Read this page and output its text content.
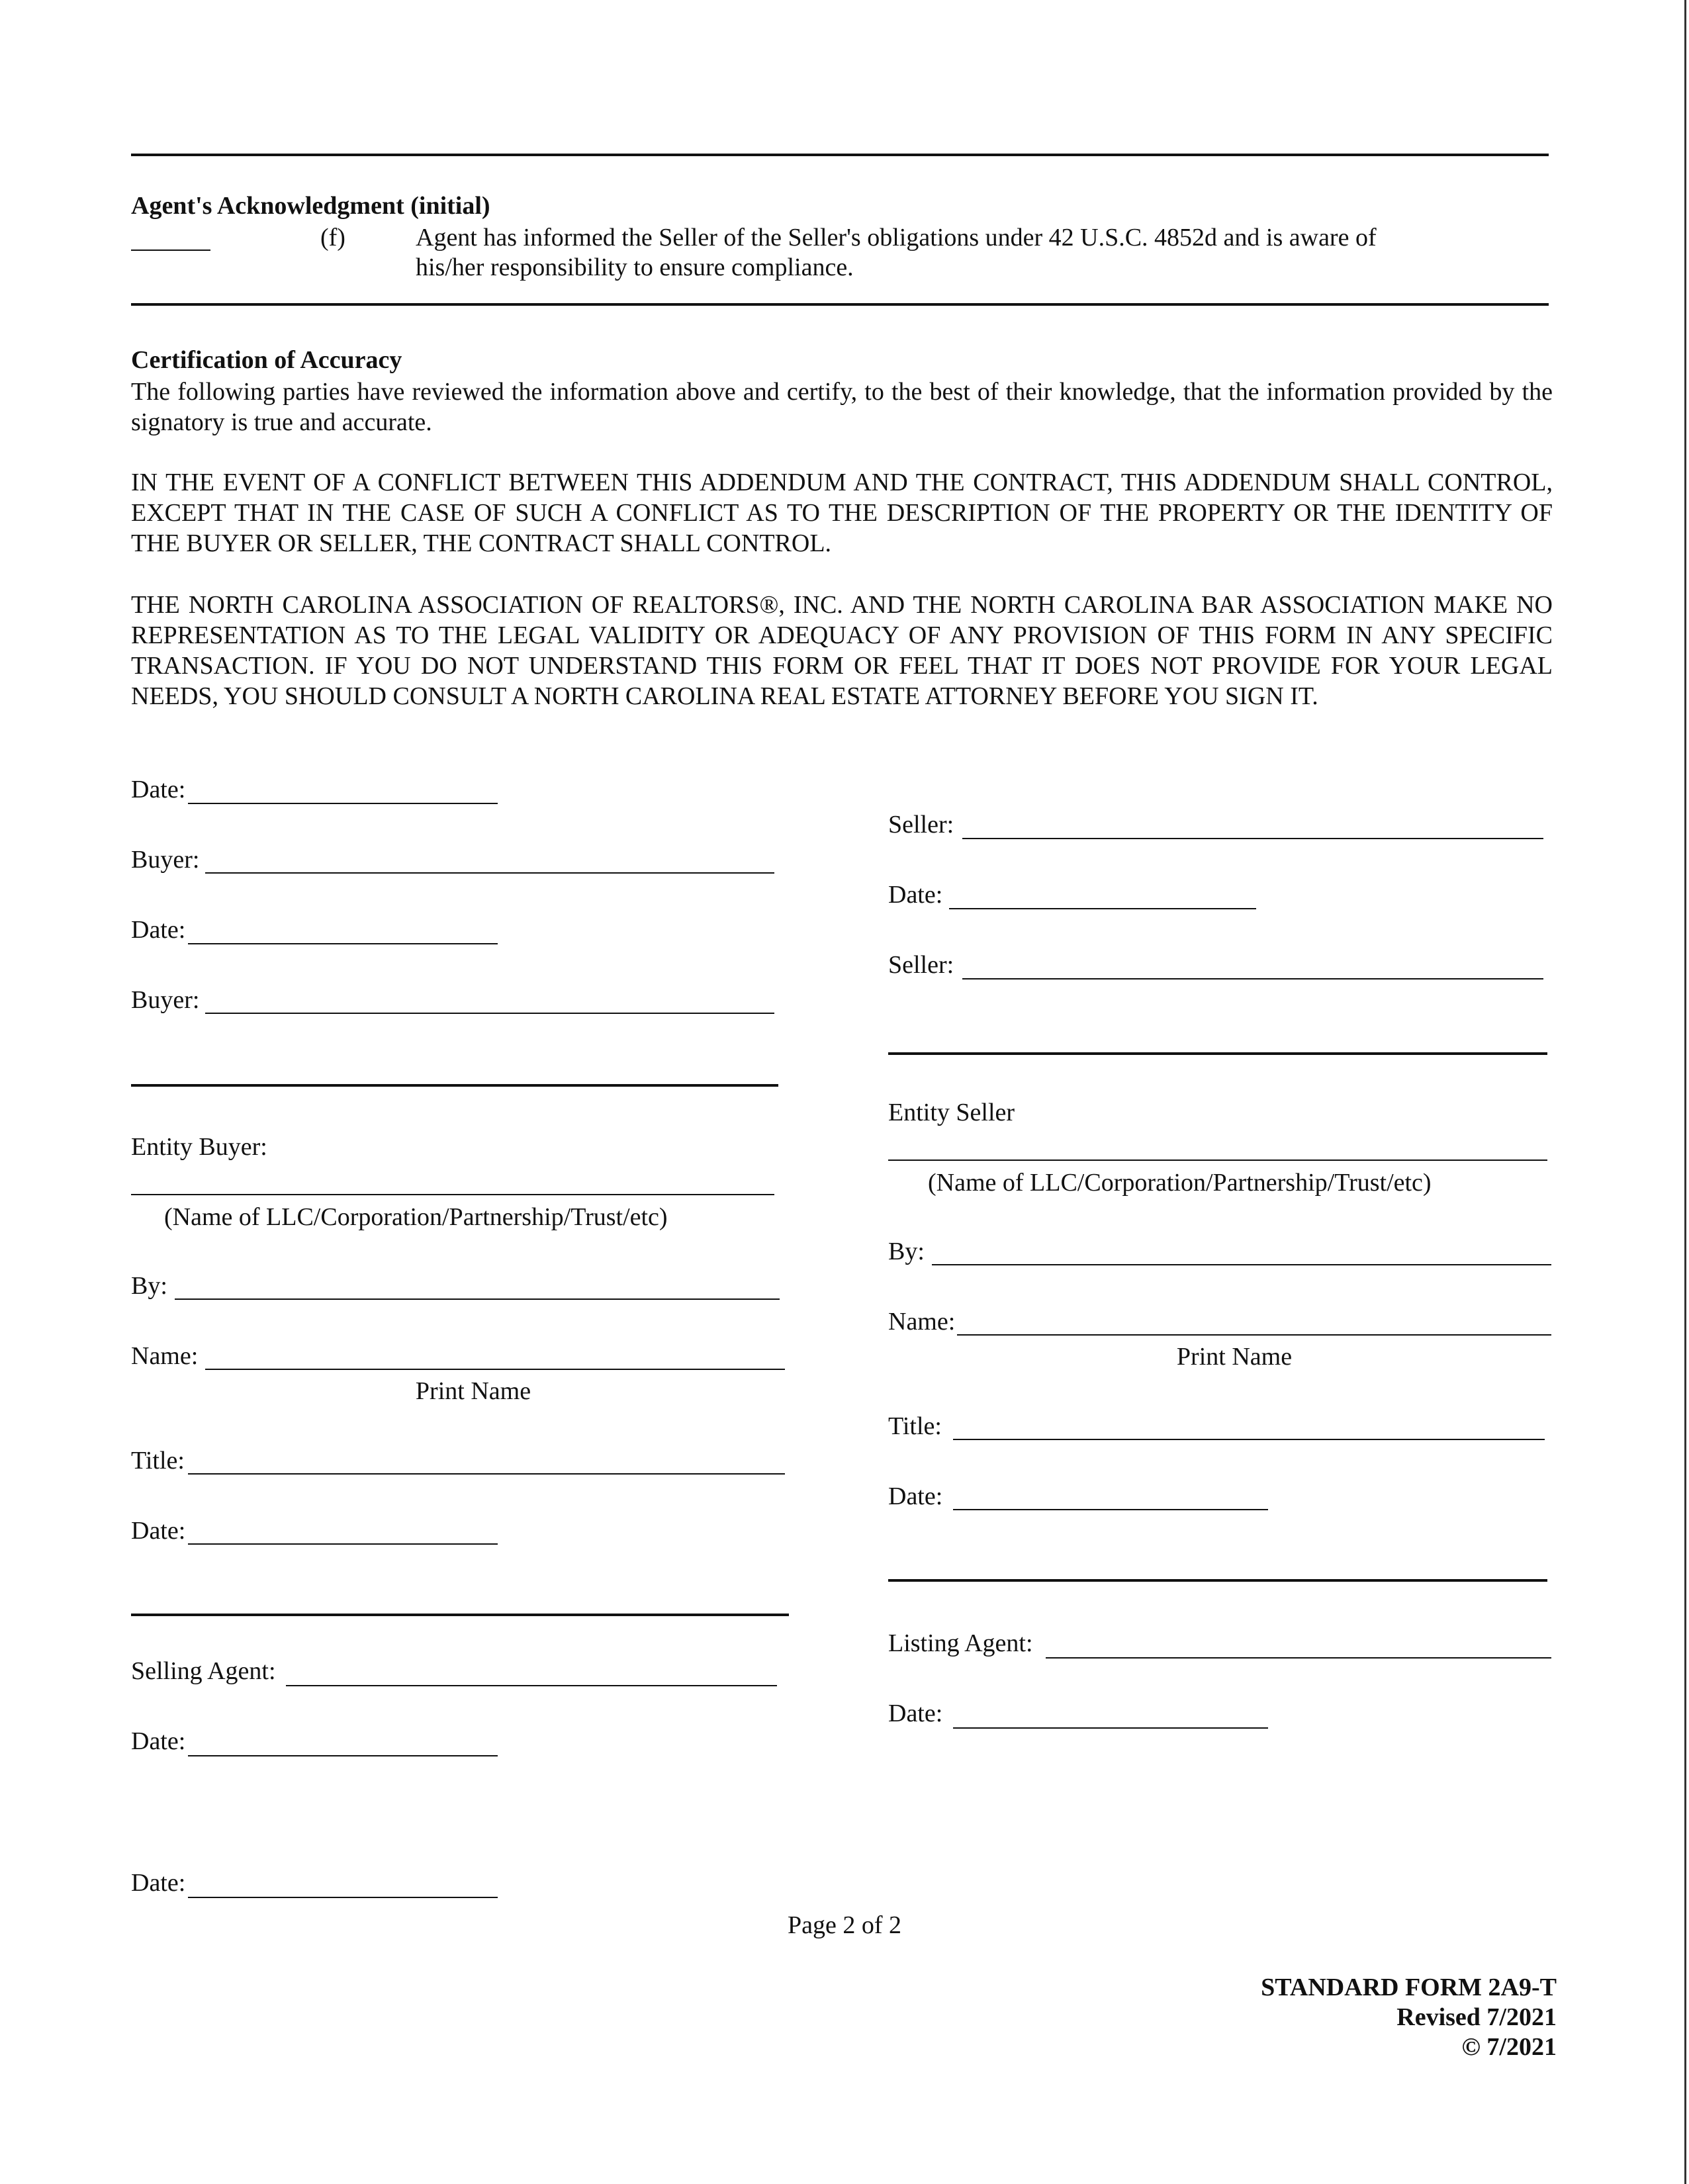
Agent's Acknowledgment (initial)
(f)	Agent has informed the Seller of the Seller's obligations under 42 U.S.C. 4852d and is aware of
his/her responsibility to ensure compliance.
Certification of Accuracy
The following parties have reviewed the information above and certify, to the best of their knowledge, that the information provided by the signatory is true and accurate.
IN THE EVENT OF A CONFLICT BETWEEN THIS ADDENDUM AND THE CONTRACT, THIS ADDENDUM SHALL CONTROL, EXCEPT THAT IN THE CASE OF SUCH A CONFLICT AS TO THE DESCRIPTION OF THE PROPERTY OR THE IDENTITY OF THE BUYER OR SELLER, THE CONTRACT SHALL CONTROL.
THE NORTH CAROLINA ASSOCIATION OF REALTORS®, INC. AND THE NORTH CAROLINA BAR ASSOCIATION MAKE NO REPRESENTATION AS TO THE LEGAL VALIDITY OR ADEQUACY OF ANY PROVISION OF THIS FORM IN ANY SPECIFIC TRANSACTION. IF YOU DO NOT UNDERSTAND THIS FORM OR FEEL THAT IT DOES NOT PROVIDE FOR YOUR LEGAL NEEDS, YOU SHOULD CONSULT A NORTH CAROLINA REAL ESTATE ATTORNEY BEFORE YOU SIGN IT.
Date:
Buyer:
Date:
Buyer:
Entity Buyer:
(Name of LLC/Corporation/Partnership/Trust/etc)
By:
Name:
Print Name
Title:
Date:
Selling Agent:
Date:
Date:
Seller:
Date:
Seller:
Entity Seller
(Name of LLC/Corporation/Partnership/Trust/etc)
By:
Name:
Print Name
Title:
Date:
Listing Agent:
Date:
Page 2 of 2
STANDARD FORM 2A9-T
Revised 7/2021
© 7/2021
